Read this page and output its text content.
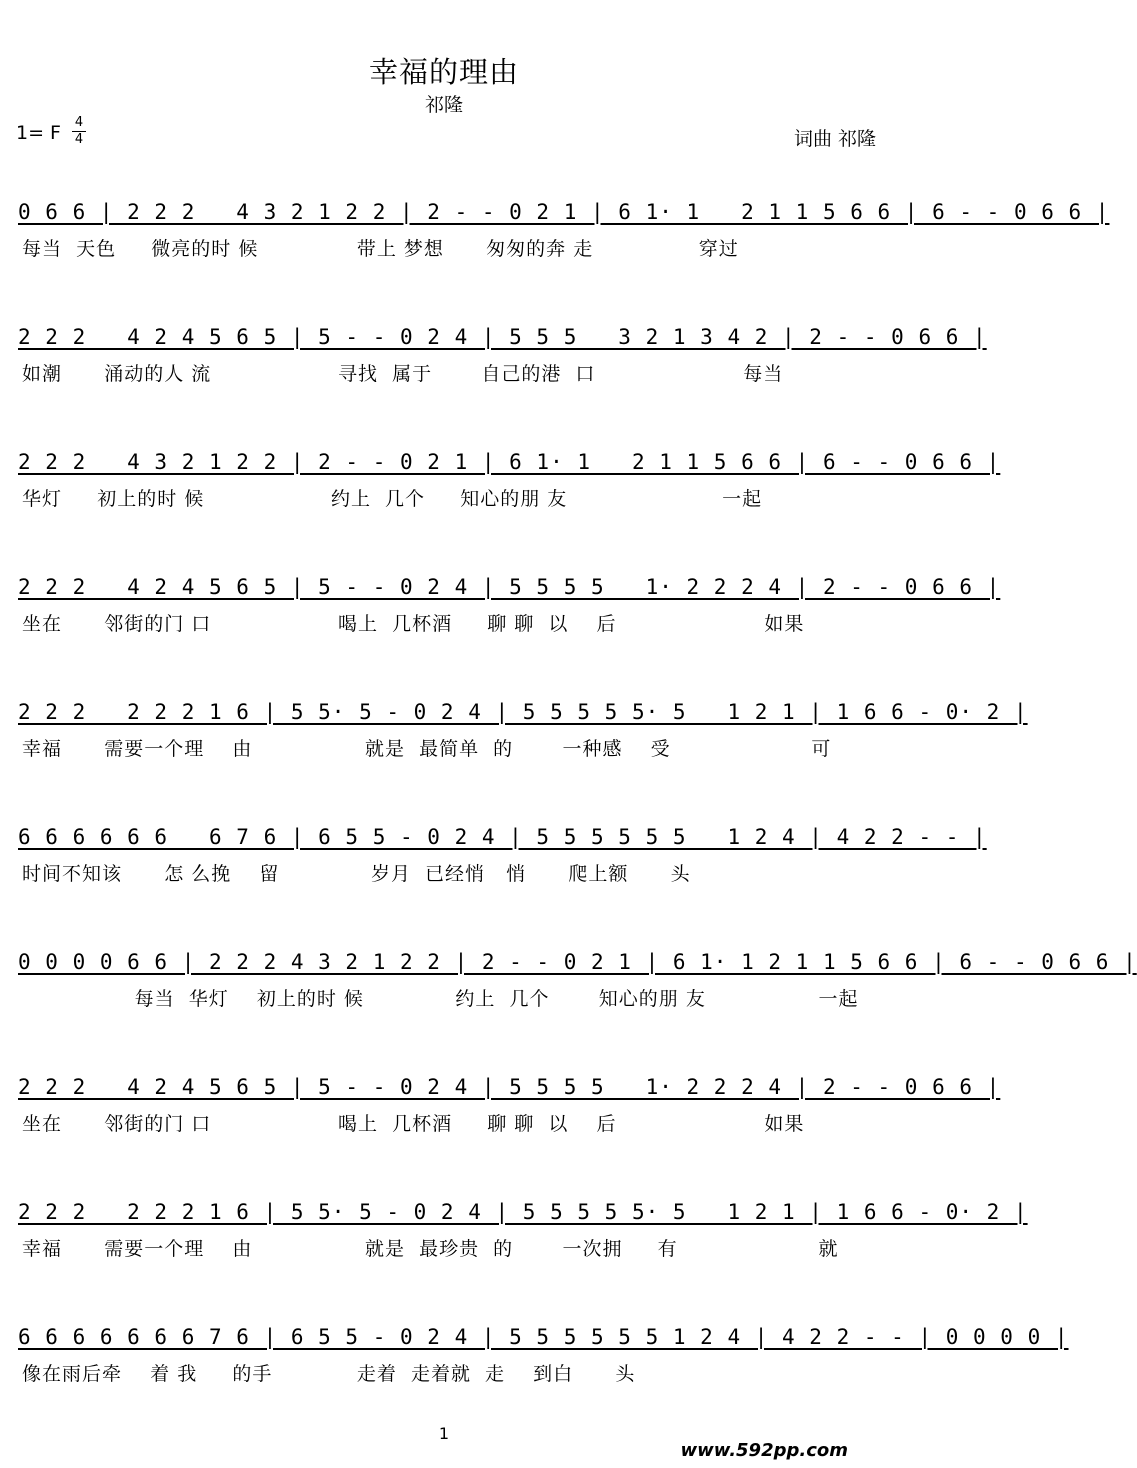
幸福的理由
祁隆
1= F 4
4	词曲 祁隆
0 6 6 | 2 2 2   4 3 2 1 2 2 | 2 - - 0 2 1 | 6 1· 1   2 1 1 5 6 6 | 6 - - 0 6 6 |
每当  天色     微亮的时 候              带上 梦想      匆匆的奔 走               穿过
2 2 2   4 2 4 5 6 5 | 5 - - 0 2 4 | 5 5 5   3 2 1 3 4 2 | 2 - - 0 6 6 |
如潮      涌动的人 流                  寻找  属于       自己的港  口                     每当
2 2 2   4 3 2 1 2 2 | 2 - - 0 2 1 | 6 1· 1   2 1 1 5 6 6 | 6 - - 0 6 6 |
华灯     初上的时 候                  约上  几个     知心的朋 友                      一起
2 2 2   4 2 4 5 6 5 | 5 - - 0 2 4 | 5 5 5 5   1· 2 2 2 4 | 2 - - 0 6 6 |
坐在      邻街的门 口                  喝上  几杯酒     聊 聊  以    后                     如果
2 2 2   2 2 2 1 6 | 5 5· 5 - 0 2 4 | 5 5 5 5 5· 5   1 2 1 | 1 6 6 - 0· 2 |
幸福      需要一个理    由                就是  最简单  的       一种感    受                    可
6 6 6 6 6 6   6 7 6 | 6 5 5 - 0 2 4 | 5 5 5 5 5 5   1 2 4 | 4 2 2 - - |
时间不知该      怎 么挽    留             岁月  已经悄   悄      爬上额      头
0 0 0 0 6 6 | 2 2 2 4 3 2 1 2 2 | 2 - - 0 2 1 | 6 1· 1 2 1 1 5 6 6 | 6 - - 0 6 6 |
每当  华灯    初上的时 候             约上  几个       知心的朋 友                一起
2 2 2   4 2 4 5 6 5 | 5 - - 0 2 4 | 5 5 5 5   1· 2 2 2 4 | 2 - - 0 6 6 |
坐在      邻街的门 口                  喝上  几杯酒     聊 聊  以    后                     如果
2 2 2   2 2 2 1 6 | 5 5· 5 - 0 2 4 | 5 5 5 5 5· 5   1 2 1 | 1 6 6 - 0· 2 |
幸福      需要一个理    由                就是  最珍贵  的       一次拥     有                    就
6 6 6 6 6 6 6 7 6 | 6 5 5 - 0 2 4 | 5 5 5 5 5 5 1 2 4 | 4 2 2 - - | 0 0 0 0 |
像在雨后牵    着 我     的手            走着  走着就  走    到白      头
1
www.592pp.com
